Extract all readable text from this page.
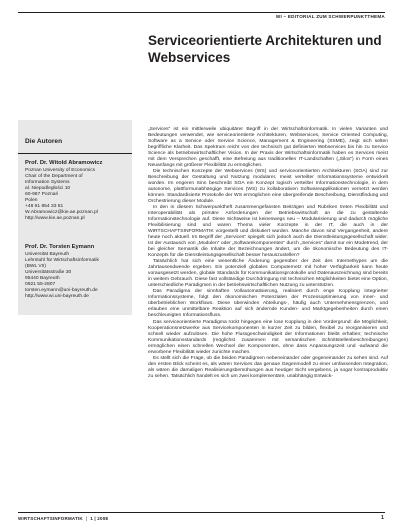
WI – EDITORIAL ZUM SCHWERPUNKTTHEMA
Serviceorientierte Architekturen und Webservices
Die Autoren
Prof. Dr. Witold Abramowicz
Poznan University of Economics
Chair of the Department of
Information Systems
al. Niepodległości 10
60-967 Poznań
Polen
+48 61 854 33 81
W.Abramowicz@kie.ae.poznan.pl
http://www.kie.ae.poznan.pl
Prof. Dr. Torsten Eymann
Universität Bayreuth
Lehrstuhl für Wirtschaftsinformatik
(BWL VII)
Universitätsstraße 30
95440 Bayreuth
0921 55-2807
torsten.eymann@uni-bayreuth.de
http://www.wi.uni-bayreuth.de

„Services“ ist ein mittlerweile ubiquitärer Begriff in der Wirtschaftsinformatik. In vielen Varianten und Bedeutungen verwendet, wie serviceorientierte Architekturen, Webservices, Service Oriented Computing, Software as a Service oder Service Science, Management & Engineering (SSME), zeigt sich selten begriffliche Klarheit. Das Spektrum reicht von den technisch gut definierten Webservices bis hin zu Service Science als betriebswirtschaftlicher Vision. In der Praxis der Wirtschaftsinformatik haben es Services meist mit dem Versprechen geschafft, eine Befreiung aus traditionellen IT-Landschaften („Silos“) in Form eines Neuanfangs mit größerer Flexibilität zu ermöglichen.

Die technischen Konzepte der Webservices (WS) und serviceorientierten Architekturen (SOA) sind zur Beschreibung der Gestaltung und Nutzung modularer, meist verteilter Informationssysteme entwickelt worden. Im engeren Sinn beschreibt SOA ein Konzept logisch verteilter Informationstechnologie, in dem autonome, plattformunabhängige Services (WS) zu kollaborativen Softwareapplikationen vernetzt werden können. Standardisierte Protokolle der WS ermöglichen eine übergreifende Beschreibung, Dienstfindung und Orchestrierung dieser Module.

In den in diesem Schwerpunktheft zusammengefassten Beiträgen und Rubriken treten Flexibilität und Interoperabilität als primäre Anforderungen der Betriebswirtschaft an die zu gestaltende Informationstechnologie auf. Diese Sichtweise ist keineswegs neu – Modularisierung und dadurch mögliche Flexibilisierung sind und waren Thema vieler Konzepte in der IT, die auch in der WIRTSCHAFTSINFORMATIK vorgestellt und diskutiert wurden. Manche davon sind Vergangenheit, andere heute noch aktuell. Im Begriff der „Services“ spiegelt sich jedoch auch die Dienstleistungsgesellschaft wider. Ist der Austausch von „Modulen“ oder „Softwarekomponenten“ durch „Services“ damit nur ein Modetrend, der bei gleicher Semantik die Inhalte der Bezeichnungen ändert, um die ökonomische Bedeutung des IT-Konzepts für die Dienstleistungsgesellschaft besser herauszustellen?

Tatsächlich hat sich eine wesentliche Änderung gegenüber der Zeit des Internethypes um die Jahrtausendwende ergeben. Ein potenziell globales Computernetz mit hoher Verfügbarkeit kann heute vorausgesetzt werden, globale Standards für Kommunikationsprotokolle und Datenauszeichnung sind bereits in weitem Gebrauch. Diese fast vollständige Durchdringung mit technischen Möglichkeiten bietet eine Option, unterschiedliche Paradigmen in der betriebswirtschaftlichen Nutzung zu unterstützen.

Das Paradigma der sinnhaften Vollautomatisierung, realisiert durch enge Kopplung integrierter Informationssysteme, folgt den ökonomischen Potenzialen der Prozessoptimierung von inner- und überbetrieblichen Workflows. Diese überwinden Abteilungs-, häufig auch Unternehmensgrenzen, und erlauben eine unmittelbare Reaktion auf sich ändernde Kunden- und Marktgegebenheiten durch einen beschleunigten Informationsfluss.

Das serviceorientierte Paradigma rückt hingegen eine lose Kopplung in den Vordergrund: die Möglichkeit, Kooperationsnetzwerke aus Servicekomponenten in kurzer Zeit zu bilden, flexibel zu reorganisieren und schnell wieder aufzulösen. Die hohe Flussgeschwindigkeit der Informationen bleibt erhalten; technische Kommunikationsstandards (möglichst zusammen mit semantischen Schnittstellenbeschreibungen) ermöglichen einen schnellen Wechsel der Komponenten, ohne dass Anpassungszeit und -aufwand die erworbene Flexibilität wieder zunichte machen.

Es stellt sich die Frage, ob die beiden Paradigmen nebeneinander oder gegeneinander zu sehen sind. Auf den ersten Blick scheint es, als wären Services das genaue Gegenmodell zu einer umfassenden Integration, als wären die damaligen Realisierungsbemühungen aus heutiger Sicht vergebens, ja sogar kontraproduktiv zu sehen. Tatsächlich handelt es sich um zwei komplementäre, unabhängig Entwick-

WIRTSCHAFTSINFORMATIK | 1 | 2008	1
